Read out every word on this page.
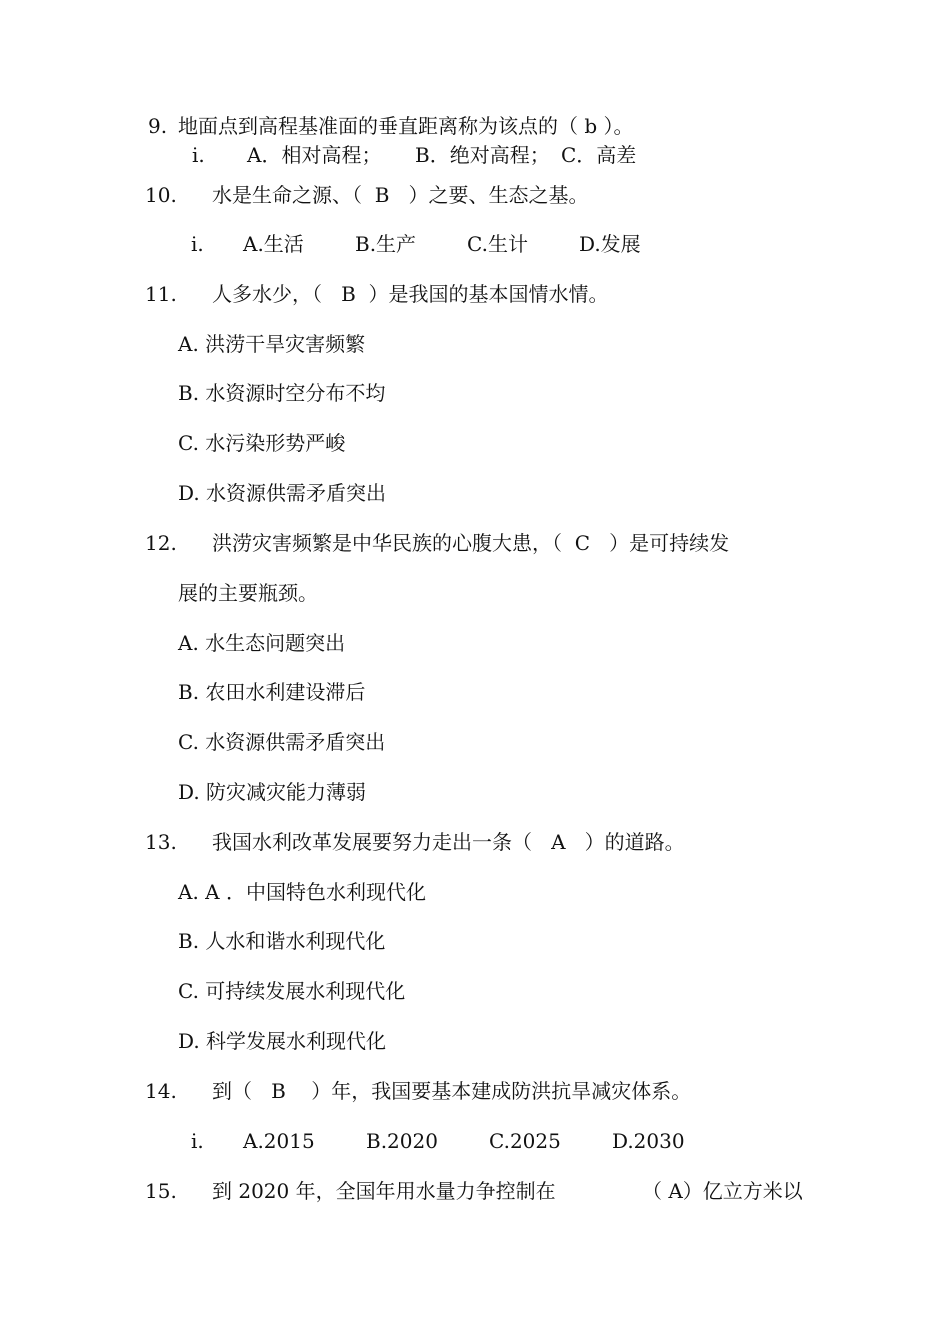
9. 地面点到高程基准面的垂直距离称为该点的（ b ）。
i. A．相对高程； B．绝对高程； C．高差
10. 水是生命之源、（  B   ）之要、生态之基。
i. A.生活	B.生产	C.生计	D.发展
11. 人多水少，（   B  ）是我国的基本国情水情。
A. 洪涝干旱灾害频繁
B. 水资源时空分布不均
C. 水污染形势严峻
D. 水资源供需矛盾突出
12. 洪涝灾害频繁是中华民族的心腹大患，（  C   ）是可持续发
展的主要瓶颈。
A. 水生态问题突出
B. 农田水利建设滞后
C. 水资源供需矛盾突出
D. 防灾减灾能力薄弱
13. 我国水利改革发展要努力走出一条（   A   ）的道路。
A. A ．中国特色水利现代化
B. 人水和谐水利现代化
C. 可持续发展水利现代化
D. 科学发展水利现代化
14. 到（   B    ）年，我国要基本建成防洪抗旱减灾体系。
i. A.2015	B.2020	C.2025	D.2030
15. 到 2020 年，全国年用水量力争控制在	（ A）亿立方米以
